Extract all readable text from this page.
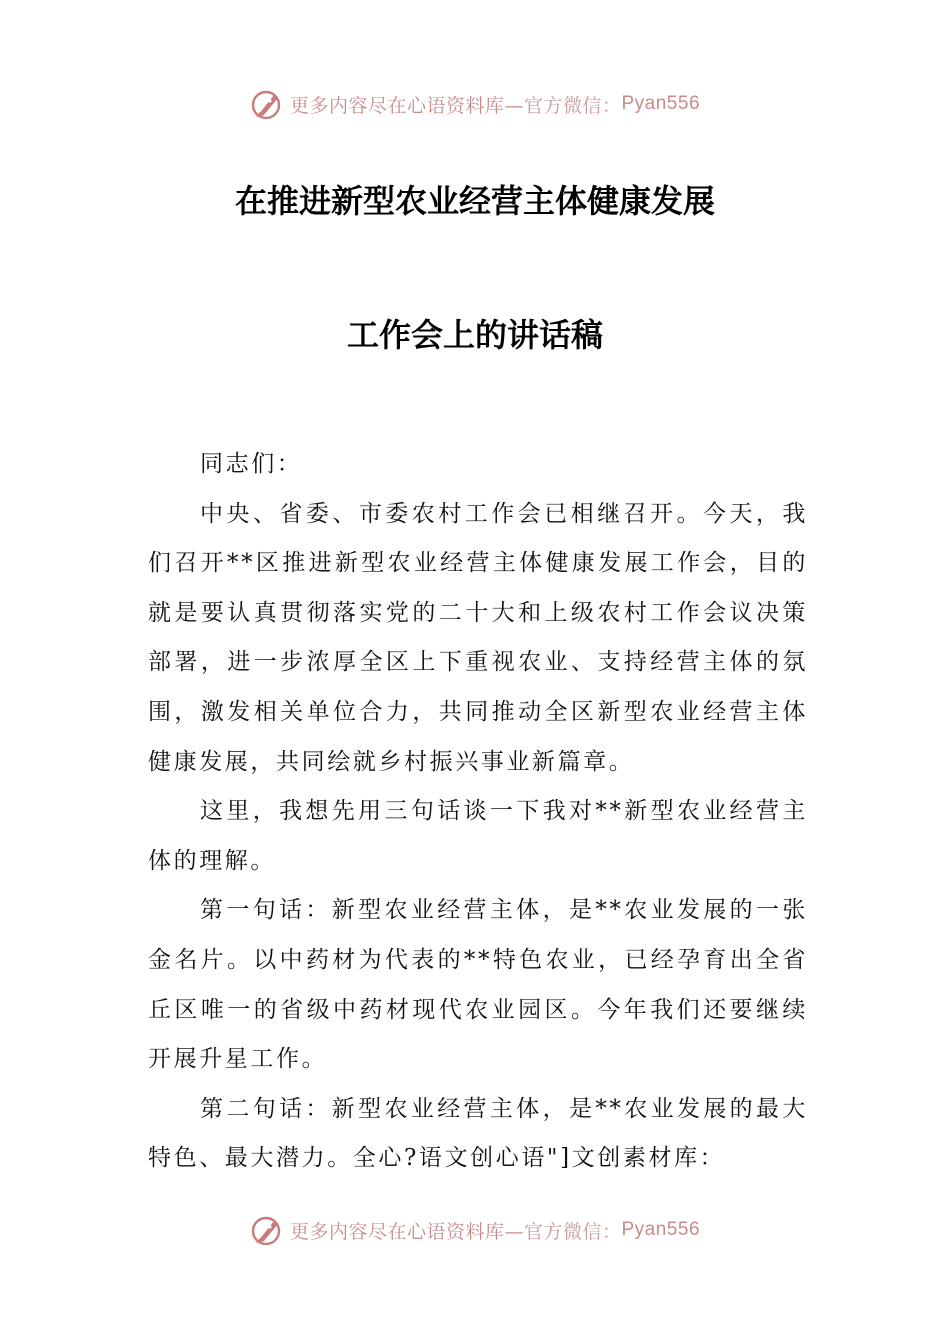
更多内容尽在心语资料库— 官方微信： Pyan556
在推进新型农业经营主体健康发展
工作会上的讲话稿

同志们：

中央、省委、市委农村工作会已相继召开。今天，我们召开**区推进新型农业经营主体健康发展工作会，目的就是要认真贯彻落实党的二十大和上级农村工作会议决策部署，进一步浓厚全区上下重视农业、支持经营主体的氛围，激发相关单位合力，共同推动全区新型农业经营主体健康发展，共同绘就乡村振兴事业新篇章。

这里，我想先用三句话谈一下我对**新型农业经营主体的理解。

第一句话：新型农业经营主体，是**农业发展的一张金名片。以中药材为代表的**特色农业，已经孕育出全省丘区唯一的省级中药材现代农业园区。今年我们还要继续开展升星工作。

第二句话：新型农业经营主体，是**农业发展的最大特色、最大潜力。全心?语文创心语"]文创素材库：

更多内容尽在心语资料库— 官方微信： Pyan556
